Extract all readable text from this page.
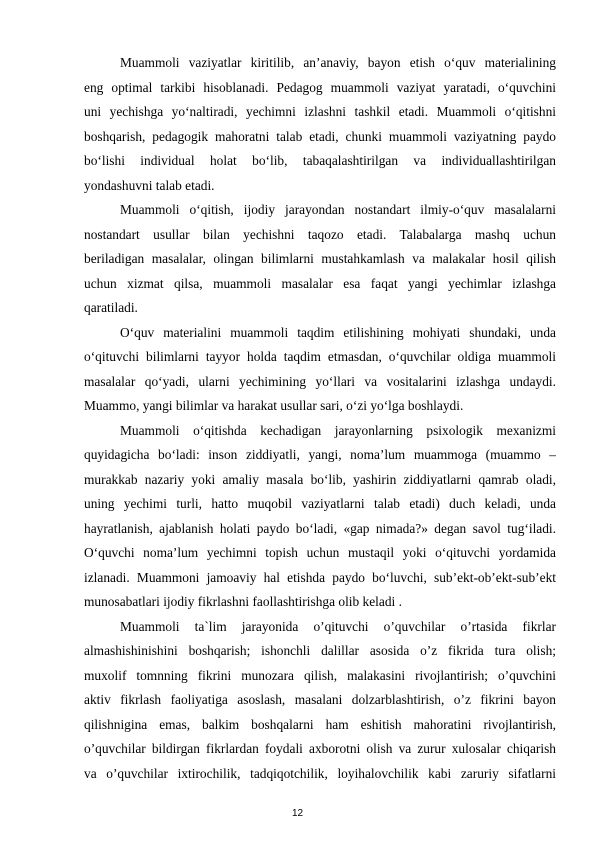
Muammoli vaziyatlar kiritilib, an’anaviy, bayon etish o‘quv materialining
eng optimal tarkibi hisoblanadi. Pedagog muammoli vaziyat yaratadi, o‘quvchini
uni yechishga yo‘naltiradi, yechimni izlashni tashkil etadi. Muammoli o‘qitishni
boshqarish, pedagogik mahoratni talab etadi, chunki muammoli vaziyatning paydo
bo‘lishi individual holat bo‘lib, tabaqalashtirilgan va individuallashtirilgan
yondashuvni talab etadi.
Muammoli o‘qitish, ijodiy jarayondan nostandart ilmiy-o‘quv masalalarni
nostandart usullar bilan yechishni taqozo etadi. Talabalarga mashq uchun
beriladigan masalalar, olingan bilimlarni mustahkamlash va malakalar hosil qilish
uchun xizmat qilsa, muammoli masalalar esa faqat yangi yechimlar izlashga
qaratiladi.
O‘quv materialini muammoli taqdim etilishining mohiyati shundaki, unda
o‘qituvchi bilimlarni tayyor holda taqdim etmasdan, o‘quvchilar oldiga muammoli
masalalar qo‘yadi, ularni yechimining yo‘llari va vositalarini izlashga undaydi.
Muammo, yangi bilimlar va harakat usullar sari, o‘zi yo‘lga boshlaydi.
Muammoli o‘qitishda kechadigan jarayonlarning psixologik mexanizmi
quyidagicha bo‘ladi: inson ziddiyatli, yangi, noma’lum muammoga (muammo –
murakkab nazariy yoki amaliy masala bo‘lib, yashirin ziddiyatlarni qamrab oladi,
uning yechimi turli, hatto muqobil vaziyatlarni talab etadi) duch keladi, unda
hayratlanish, ajablanish holati paydo bo‘ladi, «gap nimada?» degan savol tug‘iladi.
O‘quvchi noma’lum yechimni topish uchun mustaqil yoki o‘qituvchi yordamida
izlanadi. Muammoni jamoaviy hal etishda paydo bo‘luvchi, sub’ekt-ob’ekt-sub’ekt
munosabatlari ijodiy fikrlashni faollashtirishga olib keladi .
Muammoli ta`lim jarayonida o’qituvchi o’quvchilar o’rtasida fikrlar
almashishinishini boshqarish; ishonchli dalillar asosida o’z fikrida tura olish;
muxolif tomnning fikrini munozara qilish, malakasini rivojlantirish; o’quvchini
aktiv fikrlash faoliyatiga asoslash, masalani dolzarblashtirish, o’z fikrini bayon
qilishnigina emas, balkim boshqalarni ham eshitish mahoratini rivojlantirish,
o’quvchilar bildirgan fikrlardan foydali axborotni olish va zurur xulosalar chiqarish
va o’quvchilar ixtirochilik, tadqiqotchilik, loyihalovchilik kabi zaruriy sifatlarni
12
